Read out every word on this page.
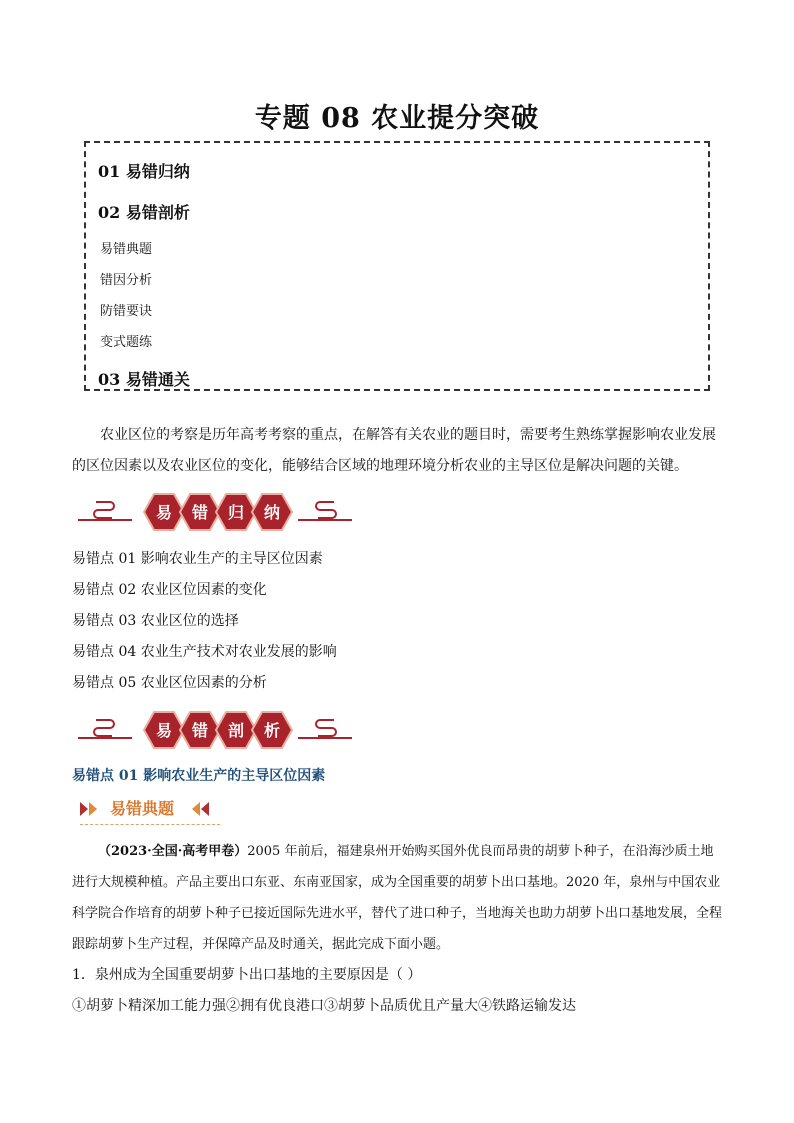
专题 08 农业提分突破
01 易错归纳
02 易错剖析
易错典题
错因分析
防错要诀
变式题练
03 易错通关
农业区位的考察是历年高考考察的重点，在解答有关农业的题目时，需要考生熟练掌握影响农业发展的区位因素以及农业区位的变化，能够结合区域的地理环境分析农业的主导区位是解决问题的关键。
易 错 归 纳
易错点 01 影响农业生产的主导区位因素
易错点 02 农业区位因素的变化
易错点 03 农业区位的选择
易错点 04 农业生产技术对农业发展的影响
易错点 05 农业区位因素的分析
易 错 剖 析
易错点 01 影响农业生产的主导区位因素
易错典题
（2023·全国·高考甲卷）2005 年前后，福建泉州开始购买国外优良而昂贵的胡萝卜种子，在沿海沙质土地进行大规模种植。产品主要出口东亚、东南亚国家，成为全国重要的胡萝卜出口基地。2020 年，泉州与中国农业科学院合作培育的胡萝卜种子已接近国际先进水平，替代了进口种子，当地海关也助力胡萝卜出口基地发展，全程跟踪胡萝卜生产过程，并保障产品及时通关，据此完成下面小题。
1．泉州成为全国重要胡萝卜出口基地的主要原因是（ ）
①胡萝卜精深加工能力强②拥有优良港口③胡萝卜品质优且产量大④铁路运输发达
